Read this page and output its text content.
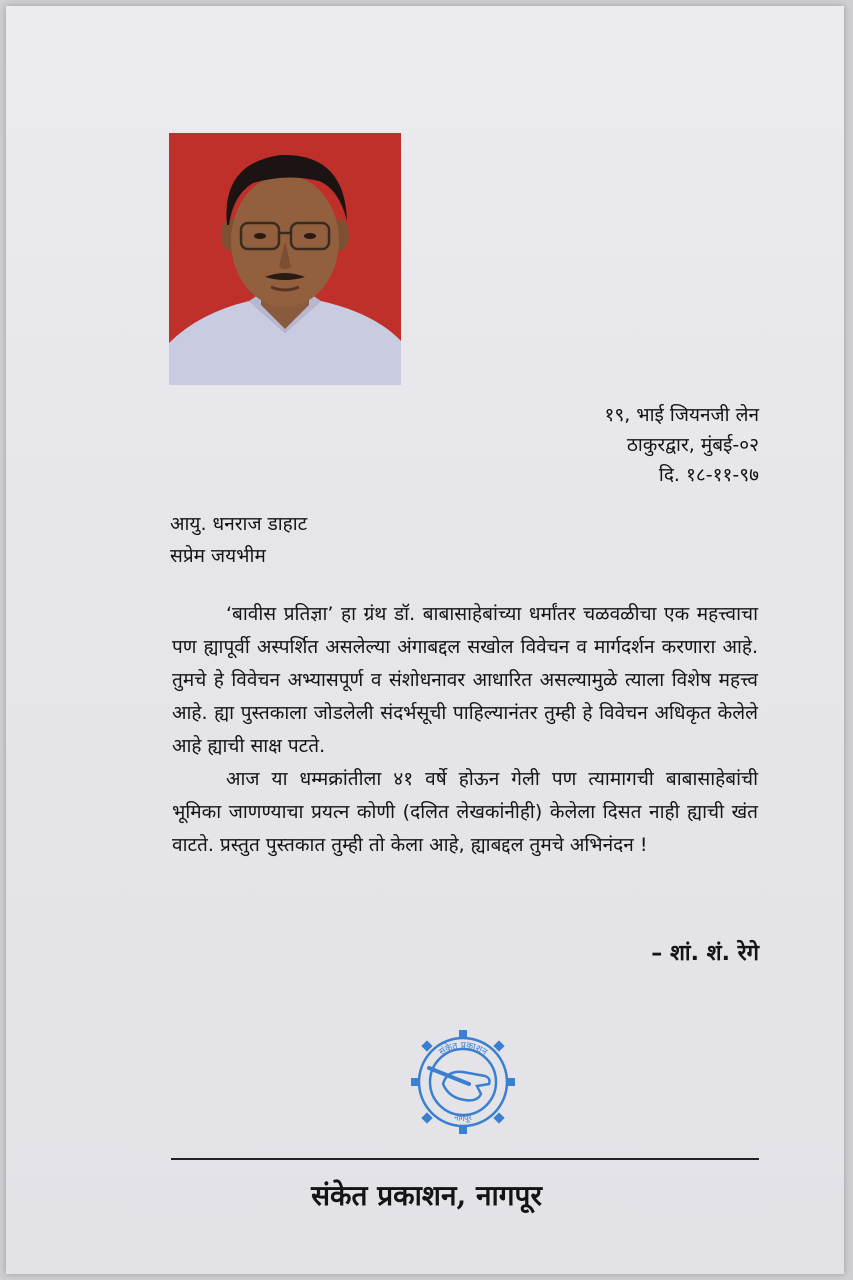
१९, भाई जियनजी लेन
ठाकुरद्वार, मुंबई-०२
दि. १८-११-९७
आयु. धनराज डाहाट
सप्रेम जयभीम

‘बावीस प्रतिज्ञा’ हा ग्रंथ डॉ. बाबासाहेबांच्या धर्मांतर चळवळीचा एक महत्त्वाचा पण ह्यापूर्वी अस्पर्शित असलेल्या अंगाबद्दल सखोल विवेचन व मार्गदर्शन करणारा आहे. तुमचे हे विवेचन अभ्यासपूर्ण व संशोधनावर आधारित असल्यामुळे त्याला विशेष महत्त्व आहे. ह्या पुस्तकाला जोडलेली संदर्भसूची पाहिल्यानंतर तुम्ही हे विवेचन अधिकृत केलेले आहे ह्याची साक्ष पटते.

आज या धम्मक्रांतीला ४१ वर्षे होऊन गेली पण त्यामागची बाबासाहेबांची भूमिका जाणण्याचा प्रयत्न कोणी (दलित लेखकांनीही) केलेला दिसत नाही ह्याची खंत वाटते. प्रस्तुत पुस्तकात तुम्ही तो केला आहे, ह्याबद्दल तुमचे अभिनंदन !

– शां. शं. रेगे
संकेत प्रकाशन
नागपूर
संकेत प्रकाशन, नागपूर
